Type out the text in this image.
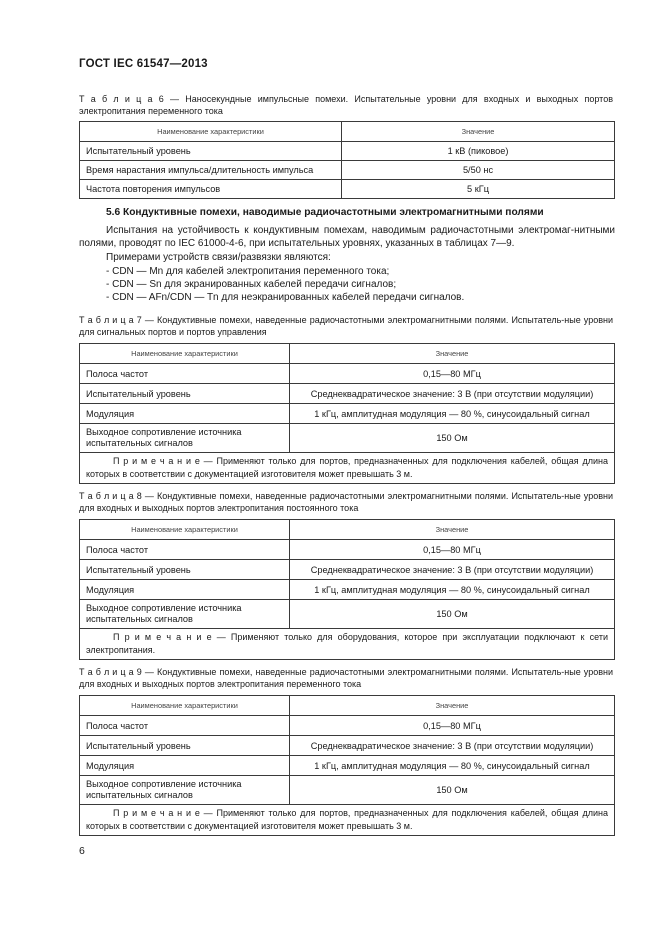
ГОСТ IEC 61547—2013
Т а б л и ц а 6 — Наносекундные импульсные помехи. Испытательные уровни для входных и выходных портов электропитания переменного тока
Наименование характеристики	Значение
Испытательный уровень	1 кВ (пиковое)
Время нарастания импульса/длительность импульса	5/50 нс
Частота повторения импульсов	5 кГц
5.6 Кондуктивные помехи, наводимые радиочастотными электромагнитными полями
Испытания на устойчивость к кондуктивным помехам, наводимым радиочастотными электромаг-нитными полями, проводят по IEC 61000-4-6, при испытательных уровнях, указанных в таблицах 7—9.
Примерами устройств связи/развязки являются:
- CDN — Mn для кабелей электропитания переменного тока;
- CDN — Sn для экранированных кабелей передачи сигналов;
- CDN — AFn/CDN — Tn для неэкранированных кабелей передачи сигналов.
Т а б л и ц а 7 — Кондуктивные помехи, наведенные радиочастотными электромагнитными полями. Испытатель-ные уровни для сигнальных портов и портов управления
Наименование характеристики	Значение
Полоса частот	0,15—80 МГц
Испытательный уровень	Среднеквадратическое значение: 3 В (при отсутствии модуляции)
Модуляция	1 кГц, амплитудная модуляция — 80 %, синусоидальный сигнал
Выходное сопротивление источника испытательных сигналов	150 Ом
П р и м е ч а н и е — Применяют только для портов, предназначенных для подключения кабелей, общая длина которых в соответствии с документацией изготовителя может превышать 3 м.	
Т а б л и ц а 8 — Кондуктивные помехи, наведенные радиочастотными электромагнитными полями. Испытатель-ные уровни для входных и выходных портов электропитания постоянного тока
Наименование характеристики	Значение
Полоса частот	0,15—80 МГц
Испытательный уровень	Среднеквадратическое значение: 3 В (при отсутствии модуляции)
Модуляция	1 кГц, амплитудная модуляция — 80 %, синусоидальный сигнал
Выходное сопротивление источника испытательных сигналов	150 Ом
П р и м е ч а н и е — Применяют только для оборудования, которое при эксплуатации подключают к сети электропитания.	
Т а б л и ц а 9 — Кондуктивные помехи, наведенные радиочастотными электромагнитными полями. Испытатель-ные уровни для входных и выходных портов электропитания переменного тока
Наименование характеристики	Значение
Полоса частот	0,15—80 МГц
Испытательный уровень	Среднеквадратическое значение: 3 В (при отсутствии модуляции)
Модуляция	1 кГц, амплитудная модуляция — 80 %, синусоидальный сигнал
Выходное сопротивление источника испытательных сигналов	150 Ом
П р и м е ч а н и е — Применяют только для портов, предназначенных для подключения кабелей, общая длина которых в соответствии с документацией изготовителя может превышать 3 м.	
6
